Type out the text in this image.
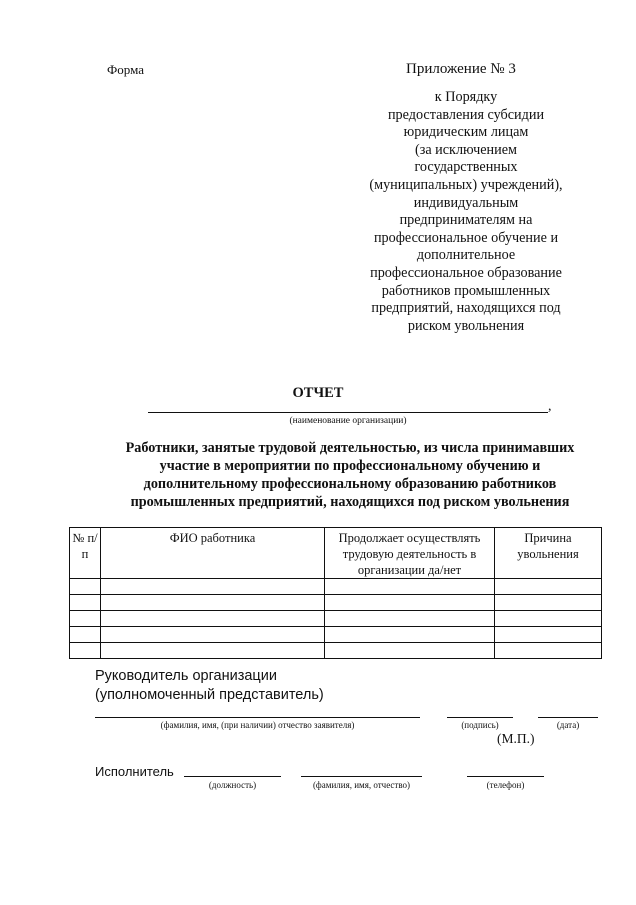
Форма	Приложение № 3
к Порядку
предоставления субсидии
юридическим лицам
(за исключением
государственных
(муниципальных) учреждений),
индивидуальным
предпринимателям на
профессиональное обучение и
дополнительное
профессиональное образование
работников промышленных
предприятий, находящихся под
риском увольнения
ОТЧЕТ
,
(наименование организации)
Работники, занятые трудовой деятельностью, из числа принимавших
участие в мероприятии по профессиональному обучению и
дополнительному профессиональному образованию работников
промышленных предприятий, находящихся под риском увольнения
№ п/п	ФИО работника	Продолжает осуществлять трудовую деятельность в организации да/нет	Причина увольнения

Руководитель организации
(уполномоченный представитель)
(фамилия, имя, (при наличии) отчество заявителя)	(подпись)	(дата)
(М.П.)
Исполнитель
(должность)	(фамилия, имя, отчество)	(телефон)
